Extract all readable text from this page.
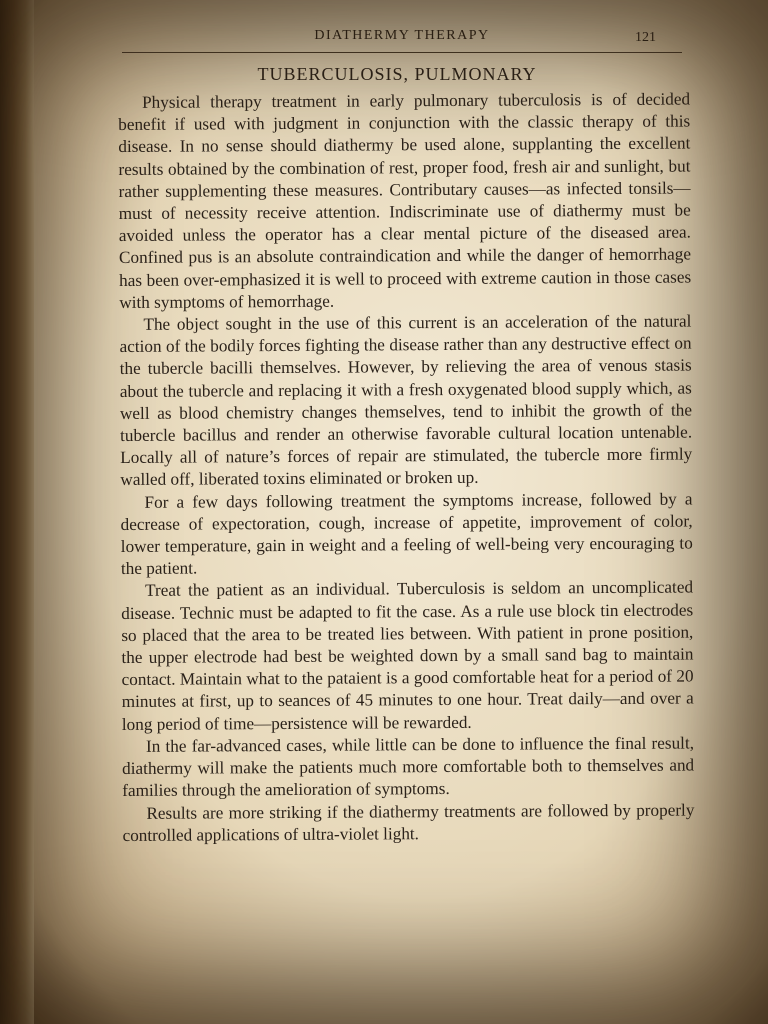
DIATHERMY THERAPY	121
TUBERCULOSIS, PULMONARY

Physical therapy treatment in early pulmonary tuberculosis is of decided benefit if used with judgment in conjunction with the classic therapy of this disease. In no sense should diathermy be used alone, supplanting the excellent results obtained by the combination of rest, proper food, fresh air and sunlight, but rather supplementing these measures. Contributary causes—as infected tonsils—must of necessity receive attention. Indiscriminate use of diathermy must be avoided unless the operator has a clear mental picture of the diseased area. Confined pus is an absolute contraindication and while the danger of hemorrhage has been over-emphasized it is well to proceed with extreme caution in those cases with symptoms of hemorrhage.

The object sought in the use of this current is an acceleration of the natural action of the bodily forces fighting the disease rather than any destructive effect on the tubercle bacilli themselves. However, by relieving the area of venous stasis about the tubercle and replacing it with a fresh oxygenated blood supply which, as well as blood chemistry changes themselves, tend to inhibit the growth of the tubercle bacillus and render an otherwise favorable cultural location untenable. Locally all of nature’s forces of repair are stimulated, the tubercle more firmly walled off, liberated toxins eliminated or broken up.

For a few days following treatment the symptoms increase, followed by a decrease of expectoration, cough, increase of appetite, improvement of color, lower temperature, gain in weight and a feeling of well-being very encouraging to the patient.

Treat the patient as an individual. Tuberculosis is seldom an uncomplicated disease. Technic must be adapted to fit the case. As a rule use block tin electrodes so placed that the area to be treated lies between. With patient in prone position, the upper electrode had best be weighted down by a small sand bag to maintain contact. Maintain what to the pataient is a good comfortable heat for a period of 20 minutes at first, up to seances of 45 minutes to one hour. Treat daily—and over a long period of time—persistence will be rewarded.

In the far-advanced cases, while little can be done to influence the final result, diathermy will make the patients much more comfortable both to themselves and families through the amelioration of symptoms.

Results are more striking if the diathermy treatments are followed by properly controlled applications of ultra-violet light.
